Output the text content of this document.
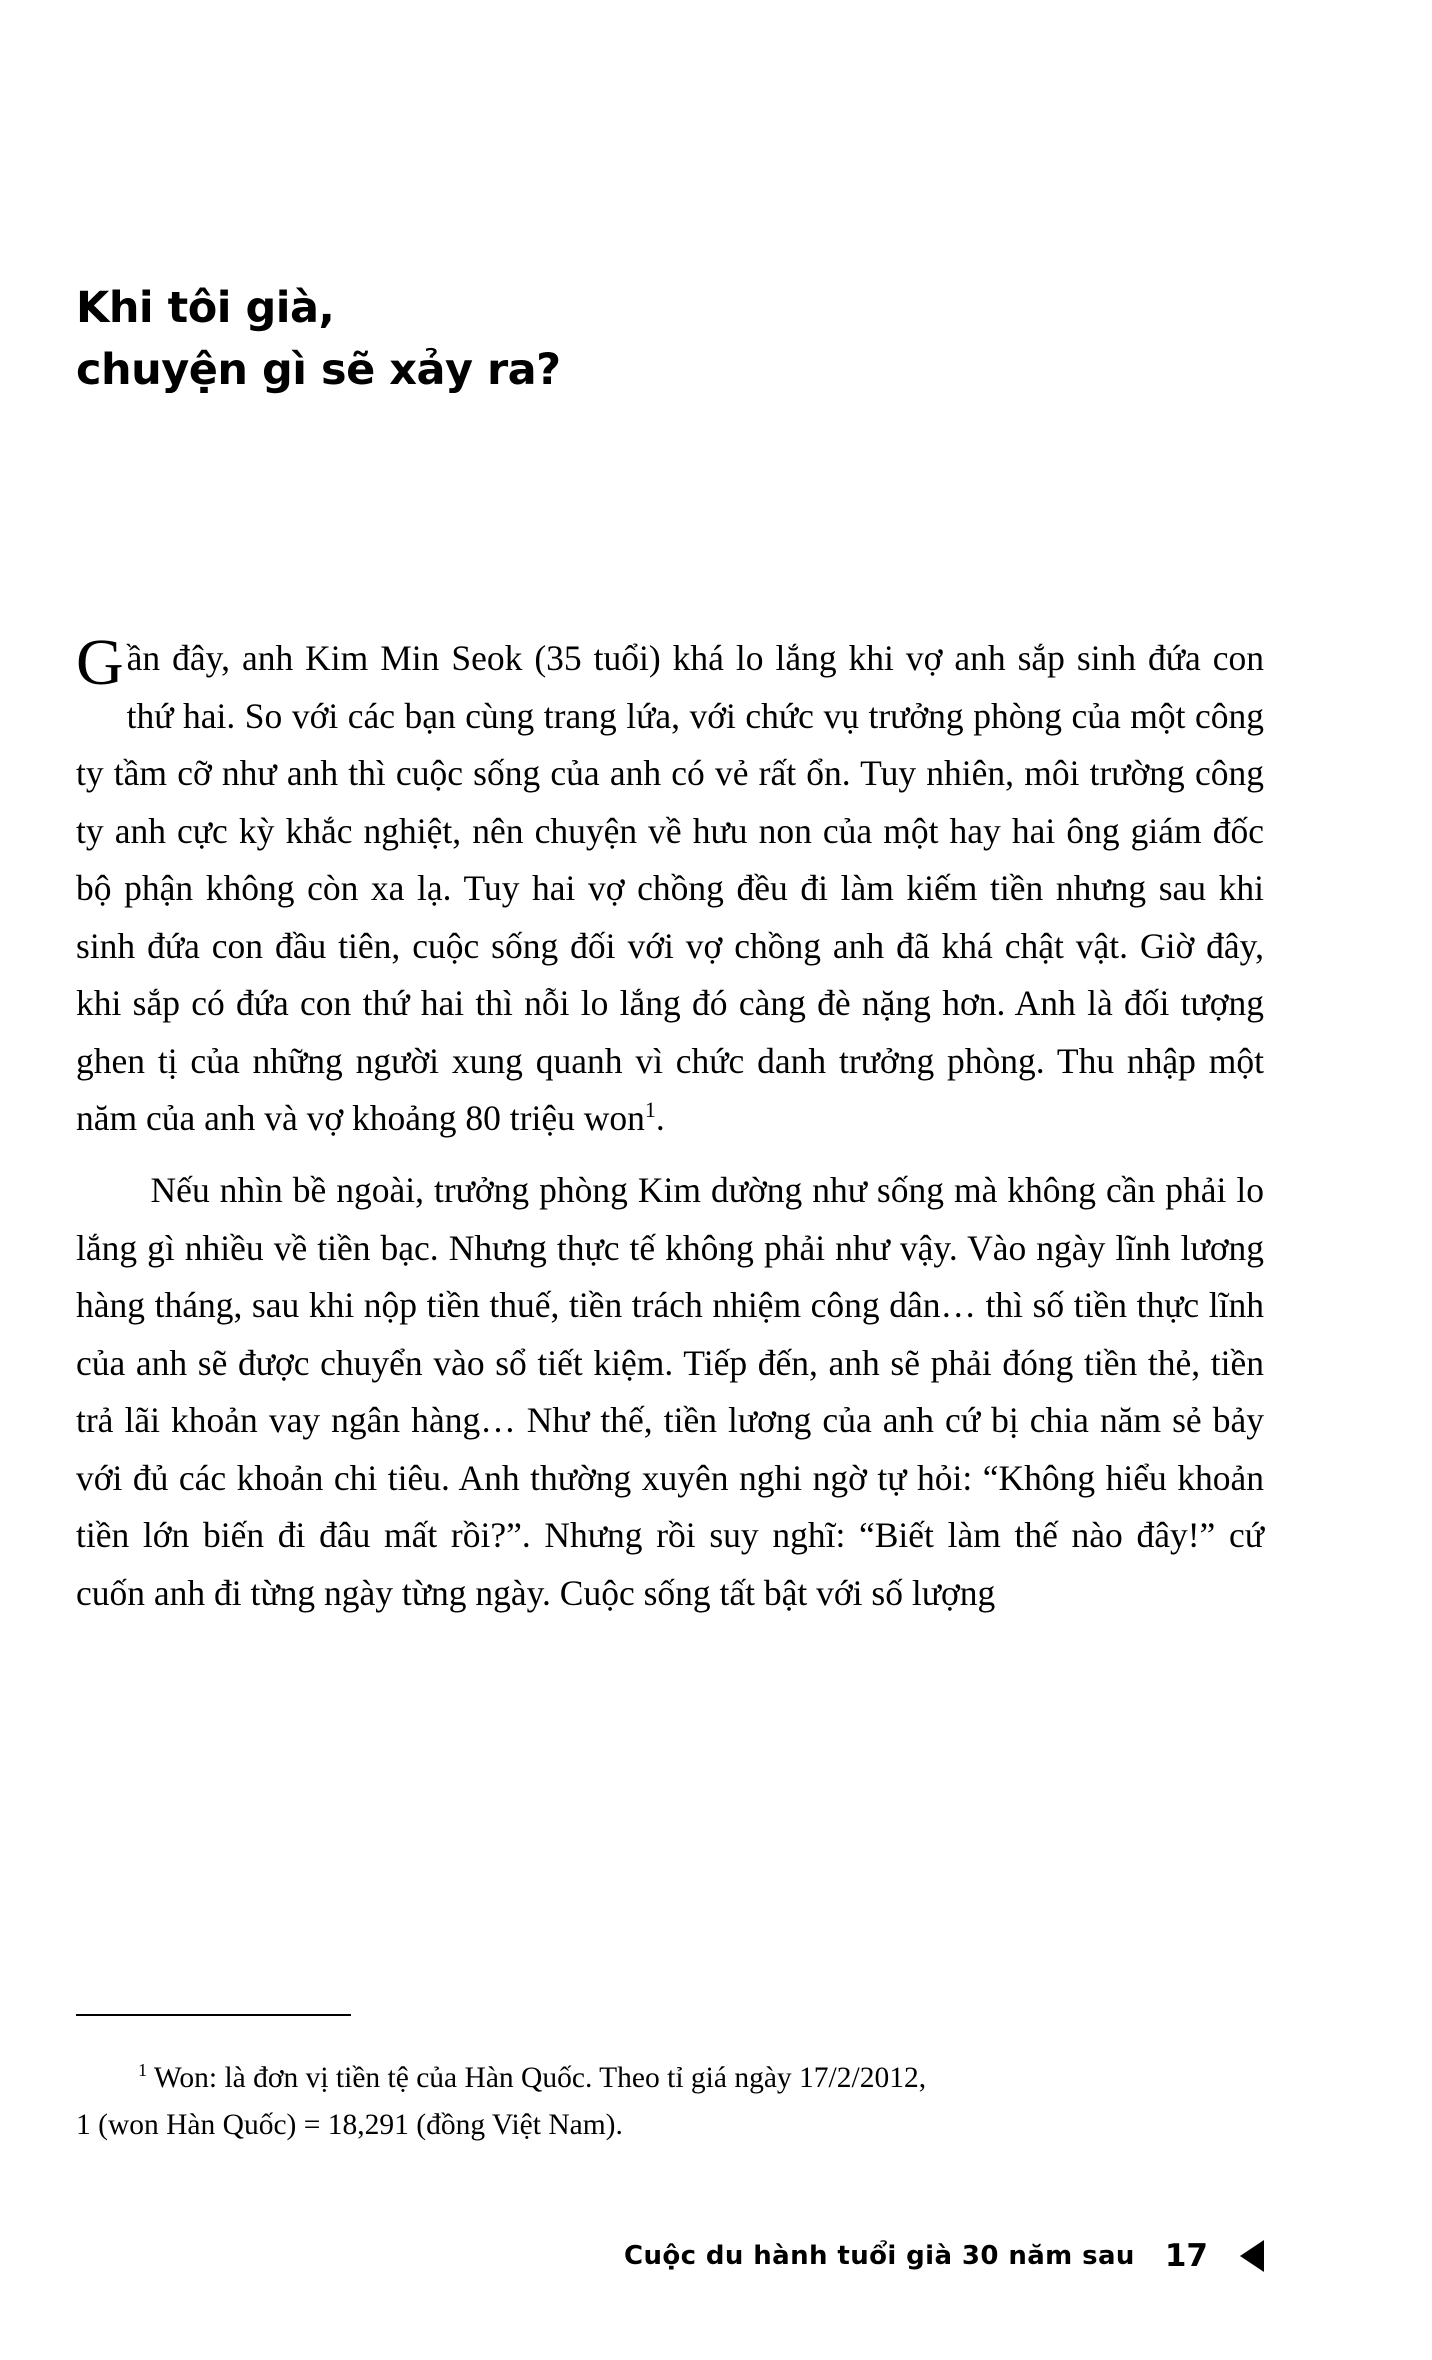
Khi tôi già,
chuyện gì sẽ xảy ra?

Gần đây, anh Kim Min Seok (35 tuổi) khá lo lắng khi vợ anh sắp sinh đứa con thứ hai. So với các bạn cùng trang lứa, với chức vụ trưởng phòng của một công ty tầm cỡ như anh thì cuộc sống của anh có vẻ rất ổn. Tuy nhiên, môi trường công ty anh cực kỳ khắc nghiệt, nên chuyện về hưu non của một hay hai ông giám đốc bộ phận không còn xa lạ. Tuy hai vợ chồng đều đi làm kiếm tiền nhưng sau khi sinh đứa con đầu tiên, cuộc sống đối với vợ chồng anh đã khá chật vật. Giờ đây, khi sắp có đứa con thứ hai thì nỗi lo lắng đó càng đè nặng hơn. Anh là đối tượng ghen tị của những người xung quanh vì chức danh trưởng phòng. Thu nhập một năm của anh và vợ khoảng 80 triệu won$^1$.

Nếu nhìn bề ngoài, trưởng phòng Kim dường như sống mà không cần phải lo lắng gì nhiều về tiền bạc. Nhưng thực tế không phải như vậy. Vào ngày lĩnh lương hàng tháng, sau khi nộp tiền thuế, tiền trách nhiệm công dân… thì số tiền thực lĩnh của anh sẽ được chuyển vào sổ tiết kiệm. Tiếp đến, anh sẽ phải đóng tiền thẻ, tiền trả lãi khoản vay ngân hàng… Như thế, tiền lương của anh cứ bị chia năm sẻ bảy với đủ các khoản chi tiêu. Anh thường xuyên nghi ngờ tự hỏi: “Không hiểu khoản tiền lớn biến đi đâu mất rồi?”. Nhưng rồi suy nghĩ: “Biết làm thế nào đây!” cứ cuốn anh đi từng ngày từng ngày. Cuộc sống tất bật với số lượng

$^1$ Won: là đơn vị tiền tệ của Hàn Quốc. Theo tỉ giá ngày 17/2/2012,
1 (won Hàn Quốc) = 18,291 (đồng Việt Nam).
Cuộc du hành tuổi già 30 năm sau 17
